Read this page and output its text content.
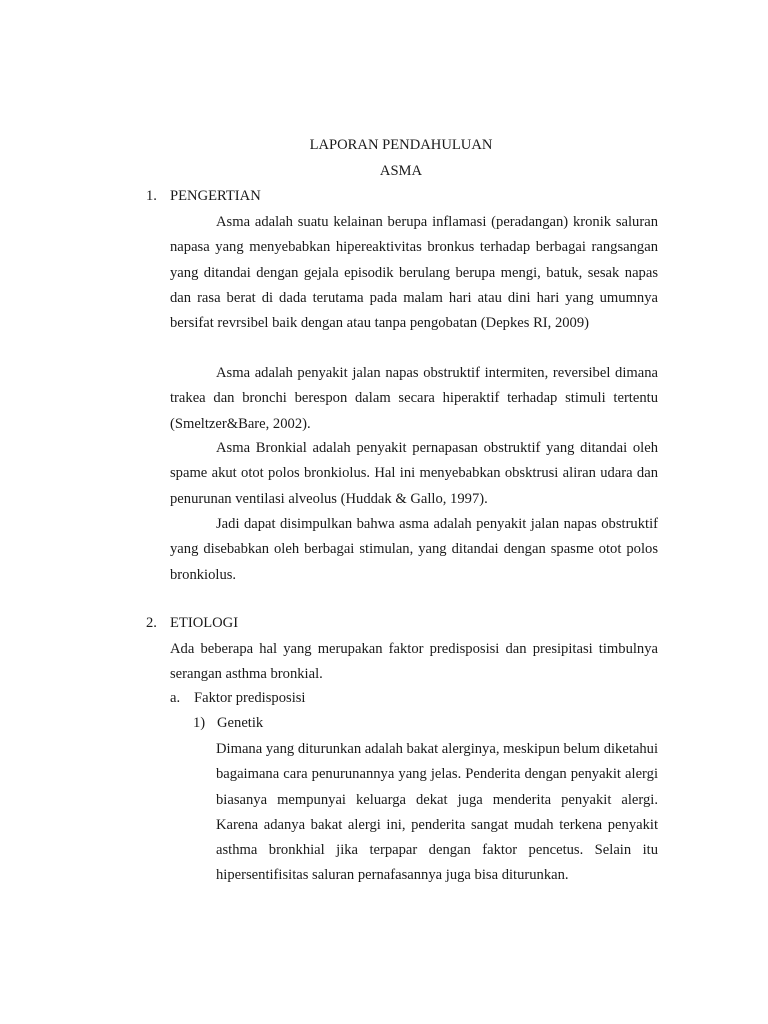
LAPORAN PENDAHULUAN
ASMA
1. PENGERTIAN

Asma adalah suatu kelainan berupa inflamasi (peradangan) kronik saluran napasa yang menyebabkan hipereaktivitas bronkus terhadap berbagai rangsangan yang ditandai dengan gejala episodik berulang berupa mengi, batuk, sesak napas dan rasa berat di dada terutama pada malam hari atau dini hari yang umumnya bersifat revrsibel baik dengan atau tanpa pengobatan (Depkes RI, 2009)

Asma adalah penyakit jalan napas obstruktif intermiten, reversibel dimana trakea dan bronchi berespon dalam secara hiperaktif terhadap stimuli tertentu (Smeltzer&Bare, 2002).

Asma Bronkial adalah penyakit pernapasan obstruktif yang ditandai oleh spame akut otot polos bronkiolus. Hal ini menyebabkan obsktrusi aliran udara dan penurunan ventilasi alveolus (Huddak & Gallo, 1997).

Jadi dapat disimpulkan bahwa asma adalah penyakit jalan napas obstruktif yang disebabkan oleh berbagai stimulan, yang ditandai dengan spasme otot polos bronkiolus.

2. ETIOLOGI

Ada beberapa hal yang merupakan faktor predisposisi dan presipitasi timbulnya serangan asthma bronkial.

a. Faktor predisposisi
1) Genetik

Dimana yang diturunkan adalah bakat alerginya, meskipun belum diketahui bagaimana cara penurunannya yang jelas. Penderita dengan penyakit alergi biasanya mempunyai keluarga dekat juga menderita penyakit alergi. Karena adanya bakat alergi ini, penderita sangat mudah terkena penyakit asthma bronkhial jika terpapar dengan faktor pencetus. Selain itu hipersentifisitas saluran pernafasannya juga bisa diturunkan.
